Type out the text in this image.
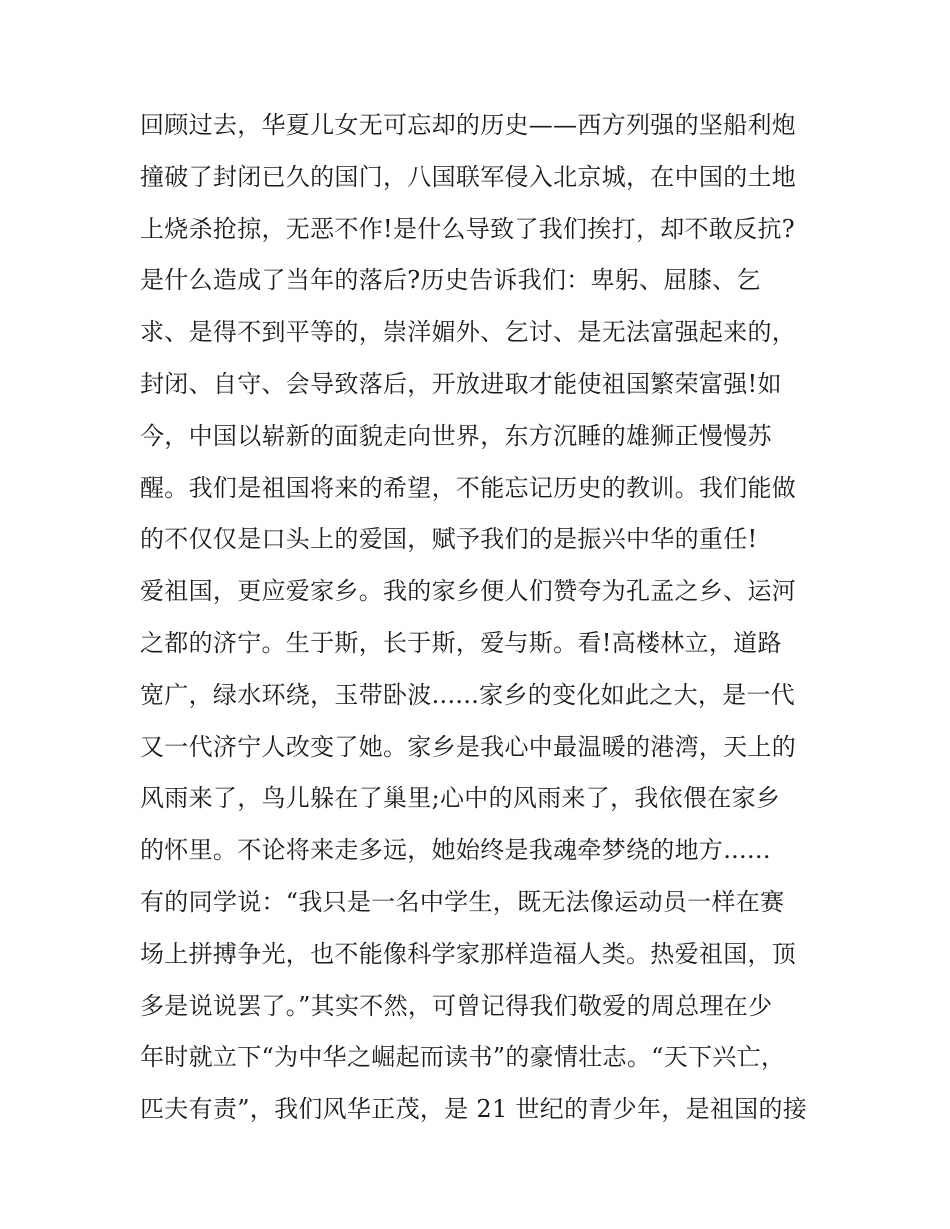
回顾过去，华夏儿女无可忘却的历史——西方列强的坚船利炮
撞破了封闭已久的国门，八国联军侵入北京城，在中国的土地
上烧杀抢掠，无恶不作!是什么导致了我们挨打，却不敢反抗?
是什么造成了当年的落后?历史告诉我们：卑躬、屈膝、乞
求、是得不到平等的，崇洋媚外、乞讨、是无法富强起来的，
封闭、自守、会导致落后，开放进取才能使祖国繁荣富强!如
今，中国以崭新的面貌走向世界，东方沉睡的雄狮正慢慢苏
醒。我们是祖国将来的希望，不能忘记历史的教训。我们能做
的不仅仅是口头上的爱国，赋予我们的是振兴中华的重任!
爱祖国，更应爱家乡。我的家乡便人们赞夸为孔孟之乡、运河
之都的济宁。生于斯，长于斯，爱与斯。看!高楼林立，道路
宽广，绿水环绕，玉带卧波......家乡的变化如此之大，是一代
又一代济宁人改变了她。家乡是我心中最温暖的港湾，天上的
风雨来了，鸟儿躲在了巢里;心中的风雨来了，我依偎在家乡
的怀里。不论将来走多远，她始终是我魂牵梦绕的地方......
有的同学说：“我只是一名中学生，既无法像运动员一样在赛
场上拼搏争光，也不能像科学家那样造福人类。热爱祖国，顶
多是说说罢了。”其实不然，可曾记得我们敬爱的周总理在少
年时就立下“为中华之崛起而读书”的豪情壮志。“天下兴亡，
匹夫有责”，我们风华正茂，是 21 世纪的青少年，是祖国的接
